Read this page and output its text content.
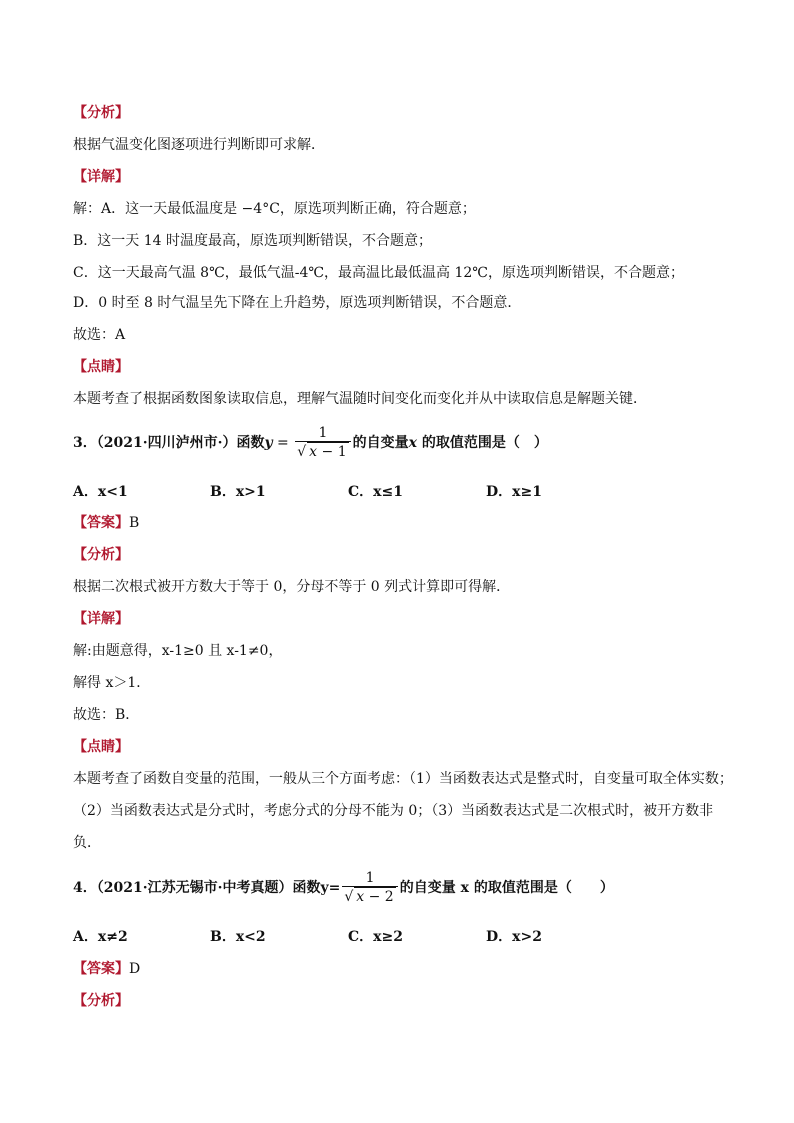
【分析】
根据气温变化图逐项进行判断即可求解．
【详解】
解：A．这一天最低温度是 −4°C，原选项判断正确，符合题意；
B．这一天 14 时温度最高，原选项判断错误，不合题意；
C．这一天最高气温 8℃，最低气温-4℃，最高温比最低温高 12℃，原选项判断错误，不合题意；
D．0 时至 8 时气温呈先下降在上升趋势，原选项判断错误，不合题意．
故选：A
【点睛】
本题考查了根据函数图象读取信息，理解气温随时间变化而变化并从中读取信息是解题关键．
3．（2021·四川泸州市·）函数$y = \frac{1}{√ x - 1}$ 的自变量x 的取值范围是（　）
A．x<1	B．x>1	C．x≤1	D．x≥1
【答案】B
【分析】
根据二次根式被开方数大于等于 0，分母不等于 0 列式计算即可得解．
【详解】
解:由题意得，x-1≥0 且 x-1≠0，
解得 x＞1．
故选：B．
【点睛】
本题考查了函数自变量的范围，一般从三个方面考虑：（1）当函数表达式是整式时，自变量可取全体实数；
（2）当函数表达式是分式时，考虑分式的分母不能为 0；（3）当函数表达式是二次根式时，被开方数非
负．
4．（2021·江苏无锡市·中考真题）函数$y= \frac{1}{√ x - 2}$ 的自变量 x 的取值范围是（　　）
A．x≠2	B．x<2	C．x≥2	D．x>2
【答案】D
【分析】
